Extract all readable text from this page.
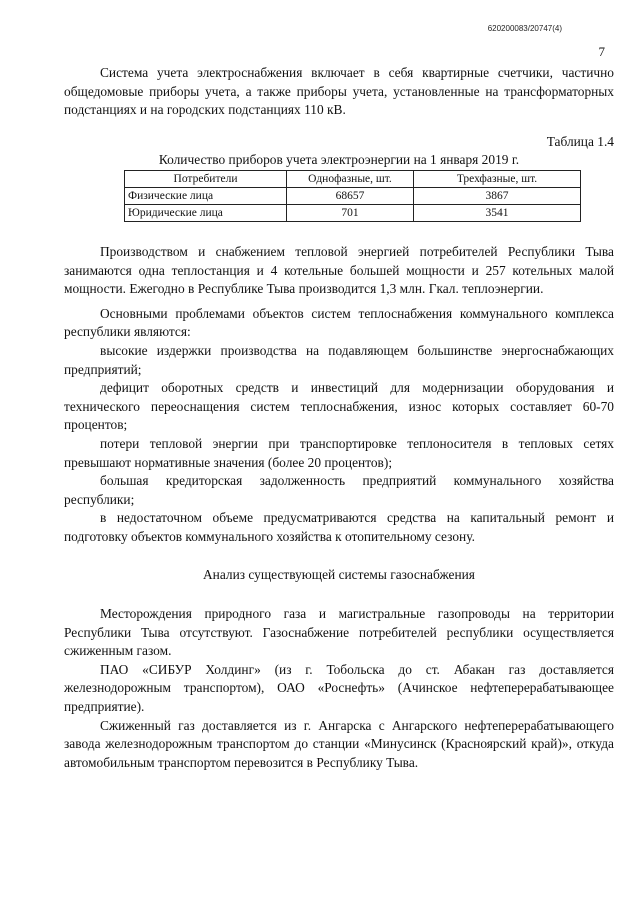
620200083/20747(4)
7

Система учета электроснабжения включает в себя квартирные счетчики, частично общедомовые приборы учета, а также приборы учета, установленные на трансформаторных подстанциях и на городских подстанциях 110 кВ.

Таблица 1.4

Количество приборов учета электроэнергии на 1 января 2019 г.

Потребители	Однофазные, шт.	Трехфазные, шт.
Физические лица	68657	3867
Юридические лица	701	3541

Производством и снабжением тепловой энергией потребителей Республики Тыва занимаются одна теплостанция и 4 котельные большей мощности и 257 котельных малой мощности. Ежегодно в Республике Тыва производится 1,3 млн. Гкал. теплоэнергии.

Основными проблемами объектов систем теплоснабжения коммунального комплекса республики являются:

высокие издержки производства на подавляющем большинстве энергоснабжающих предприятий;

дефицит оборотных средств и инвестиций для модернизации оборудования и технического переоснащения систем теплоснабжения, износ которых составляет 60-70 процентов;

потери тепловой энергии при транспортировке теплоносителя в тепловых сетях превышают нормативные значения (более 20 процентов);

большая кредиторская задолженность предприятий коммунального хозяйства республики;

в недостаточном объеме предусматриваются средства на капитальный ремонт и подготовку объектов коммунального хозяйства к отопительному сезону.

Анализ существующей системы газоснабжения

Месторождения природного газа и магистральные газопроводы на территории Республики Тыва отсутствуют. Газоснабжение потребителей республики осуществляется сжиженным газом.

ПАО «СИБУР Холдинг» (из г. Тобольска до ст. Абакан газ доставляется железнодорожным транспортом), ОАО «Роснефть» (Ачинское нефтеперерабатывающее предприятие).

Сжиженный газ доставляется из г. Ангарска с Ангарского нефтеперерабатывающего завода железнодорожным транспортом до станции «Минусинск (Красноярский край)», откуда автомобильным транспортом перевозится в Республику Тыва.
